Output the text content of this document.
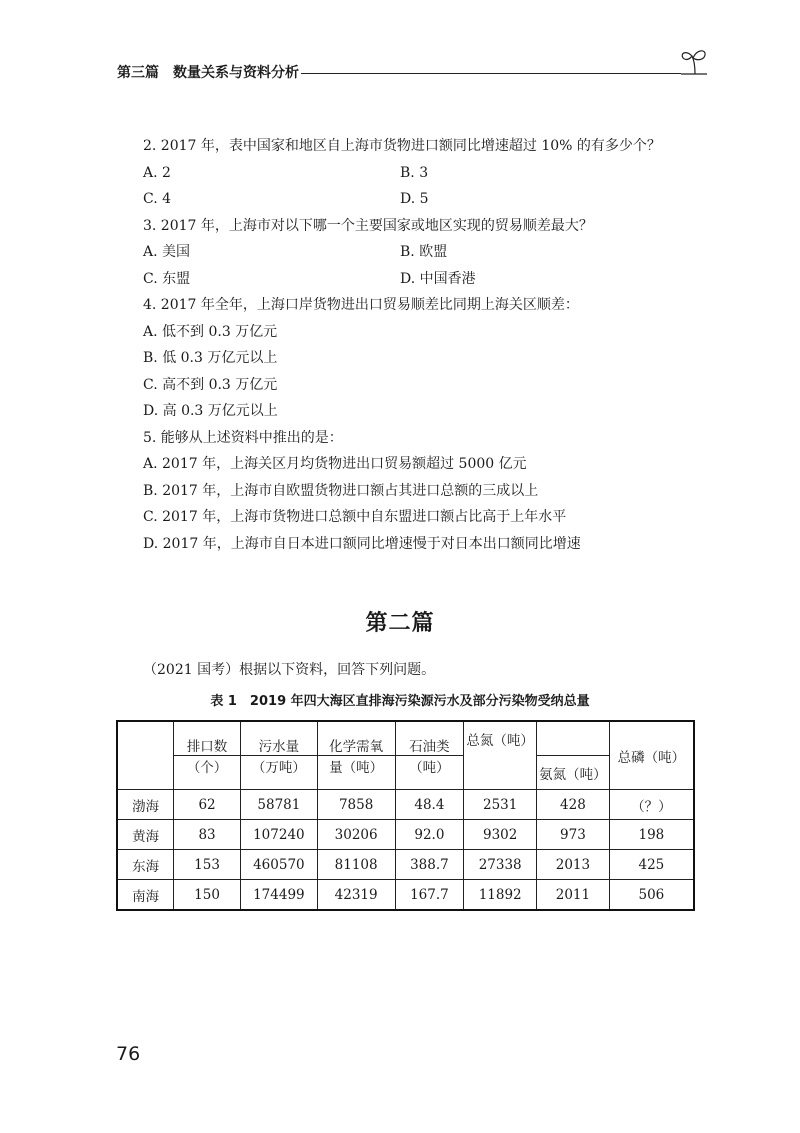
第三篇　数量关系与资料分析
2. 2017 年，表中国家和地区自上海市货物进口额同比增速超过 10% 的有多少个？
A. 2	B. 3
C. 4	D. 5
3. 2017 年，上海市对以下哪一个主要国家或地区实现的贸易顺差最大？
A. 美国	B. 欧盟
C. 东盟	D. 中国香港
4. 2017 年全年，上海口岸货物进出口贸易顺差比同期上海关区顺差：
A. 低不到 0.3 万亿元
B. 低 0.3 万亿元以上
C. 高不到 0.3 万亿元
D. 高 0.3 万亿元以上
5. 能够从上述资料中推出的是：
A. 2017 年，上海关区月均货物进出口贸易额超过 5000 亿元
B. 2017 年，上海市自欧盟货物进口额占其进口总额的三成以上
C. 2017 年，上海市货物进口总额中自东盟进口额占比高于上年水平
D. 2017 年，上海市自日本进口额同比增速慢于对日本出口额同比增速
第二篇
（2021 国考）根据以下资料，回答下列问题。
表 1　2019 年四大海区直排海污染源污水及部分污染物受纳总量
	排口数	污水量	化学需氧	石油类	总氮（吨）		总磷（吨）
	（个）	（万吨）	量（吨）	（吨）		氨氮（吨）	
渤海	62	58781	7858	48.4	2531	428	（？）
黄海	83	107240	30206	92.0	9302	973	198
东海	153	460570	81108	388.7	27338	2013	425
南海	150	174499	42319	167.7	11892	2011	506
76
